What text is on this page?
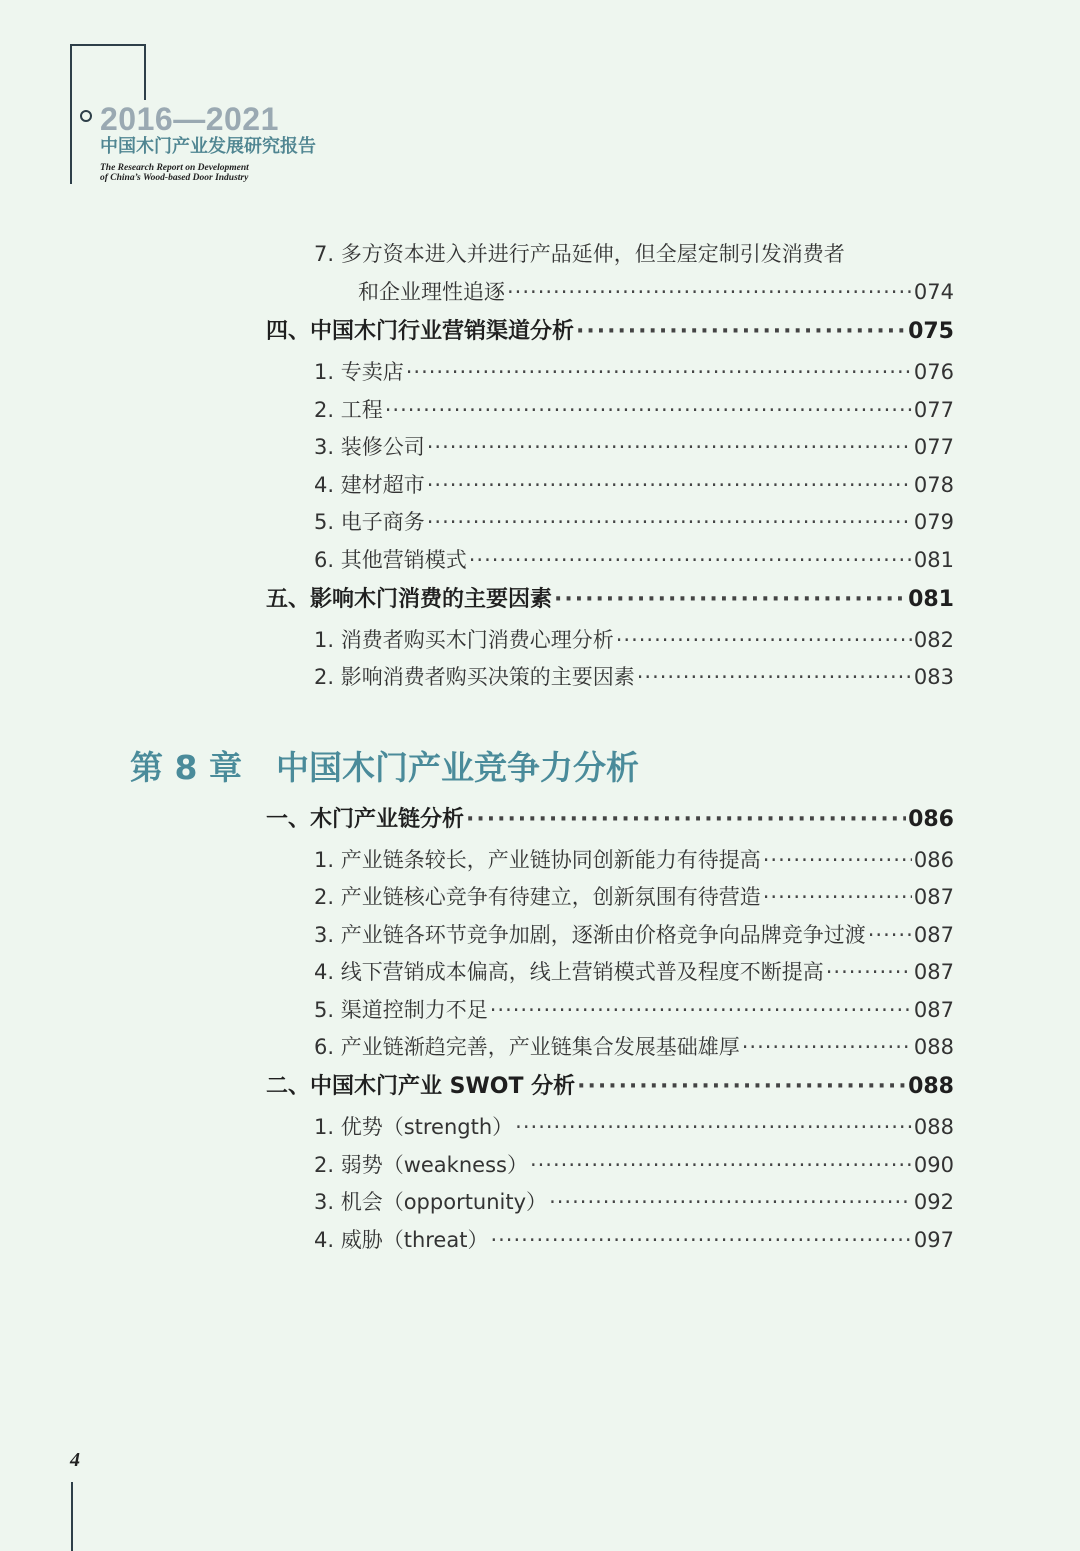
2016—2021
中国木门产业发展研究报告
The Research Report on Development
of China’s Wood-based Door Industry
7. 多方资本进入并进行产品延伸，但全屋定制引发消费者
和企业理性追逐 ·····	074
四、中国木门行业营销渠道分析 ·····	075
1. 专卖店 ·····	076
2. 工程 ·····	077
3. 装修公司 ·····	077
4. 建材超市 ·····	078
5. 电子商务 ·····	079
6. 其他营销模式 ·····	081
五、影响木门消费的主要因素 ·····	081
1. 消费者购买木门消费心理分析 ·····	082
2. 影响消费者购买决策的主要因素 ·····	083
第 8 章 中国木门产业竞争力分析
一、木门产业链分析 ·····	086
1. 产业链条较长，产业链协同创新能力有待提高 ·····	086
2. 产业链核心竞争有待建立，创新氛围有待营造 ·····	087
3. 产业链各环节竞争加剧，逐渐由价格竞争向品牌竞争过渡 ····· 087
4. 线下营销成本偏高，线上营销模式普及程度不断提高 ·····	087
5. 渠道控制力不足 ·····	087
6. 产业链渐趋完善，产业链集合发展基础雄厚 ·····	088
二、中国木门产业 SWOT 分析 ·····	088
1. 优势（strength） ·····	088
2. 弱势（weakness） ·····	090
3. 机会（opportunity） ·····	092
4. 威胁（threat） ·····	097
4
